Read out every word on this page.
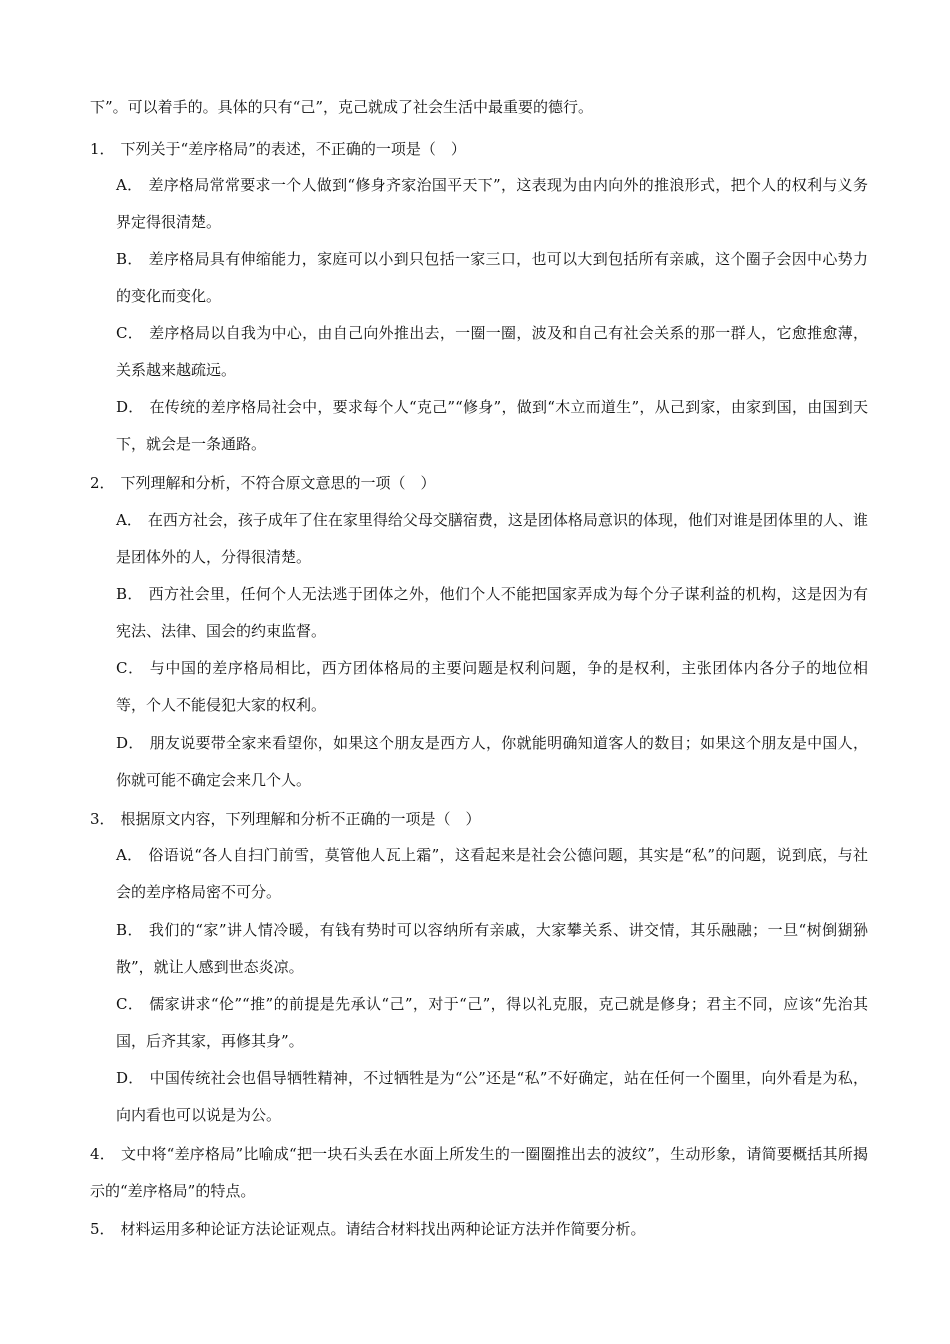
下”。可以着手的。具体的只有“己”，克己就成了社会生活中最重要的德行。
1． 下列关于“差序格局”的表述，不正确的一项是（　）
A． 差序格局常常要求一个人做到“修身齐家治国平天下”，这表现为由内向外的推浪形式，把个人的权利与义务界定得很清楚。
B． 差序格局具有伸缩能力，家庭可以小到只包括一家三口，也可以大到包括所有亲戚，这个圈子会因中心势力的变化而变化。
C． 差序格局以自我为中心，由自己向外推出去，一圈一圈，波及和自己有社会关系的那一群人，它愈推愈薄，关系越来越疏远。
D． 在传统的差序格局社会中，要求每个人“克己”“修身”，做到“木立而道生”，从己到家，由家到国，由国到天下，就会是一条通路。
2． 下列理解和分析，不符合原文意思的一项（　）
A． 在西方社会，孩子成年了住在家里得给父母交膳宿费，这是团体格局意识的体现，他们对谁是团体里的人、谁是团体外的人，分得很清楚。
B． 西方社会里，任何个人无法逃于团体之外，他们个人不能把国家弄成为每个分子谋利益的机构，这是因为有宪法、法律、国会的约束监督。
C． 与中国的差序格局相比，西方团体格局的主要问题是权利问题，争的是权利，主张团体内各分子的地位相等，个人不能侵犯大家的权利。
D． 朋友说要带全家来看望你，如果这个朋友是西方人，你就能明确知道客人的数目；如果这个朋友是中国人，你就可能不确定会来几个人。
3． 根据原文内容，下列理解和分析不正确的一项是（　）
A． 俗语说“各人自扫门前雪，莫管他人瓦上霜”，这看起来是社会公德问题，其实是“私”的问题，说到底，与社会的差序格局密不可分。
B． 我们的“家”讲人情冷暖，有钱有势时可以容纳所有亲戚，大家攀关系、讲交情，其乐融融；一旦“树倒猢狲散”，就让人感到世态炎凉。
C． 儒家讲求“伦”“推”的前提是先承认“己”，对于“己”，得以礼克服，克己就是修身；君主不同，应该“先治其国，后齐其家，再修其身”。
D． 中国传统社会也倡导牺牲精神，不过牺牲是为“公”还是“私”不好确定，站在任何一个圈里，向外看是为私，向内看也可以说是为公。
4． 文中将“差序格局”比喻成“把一块石头丢在水面上所发生的一圈圈推出去的波纹”，生动形象，请简要概括其所揭示的“差序格局”的特点。
5． 材料运用多种论证方法论证观点。请结合材料找出两种论证方法并作简要分析。
